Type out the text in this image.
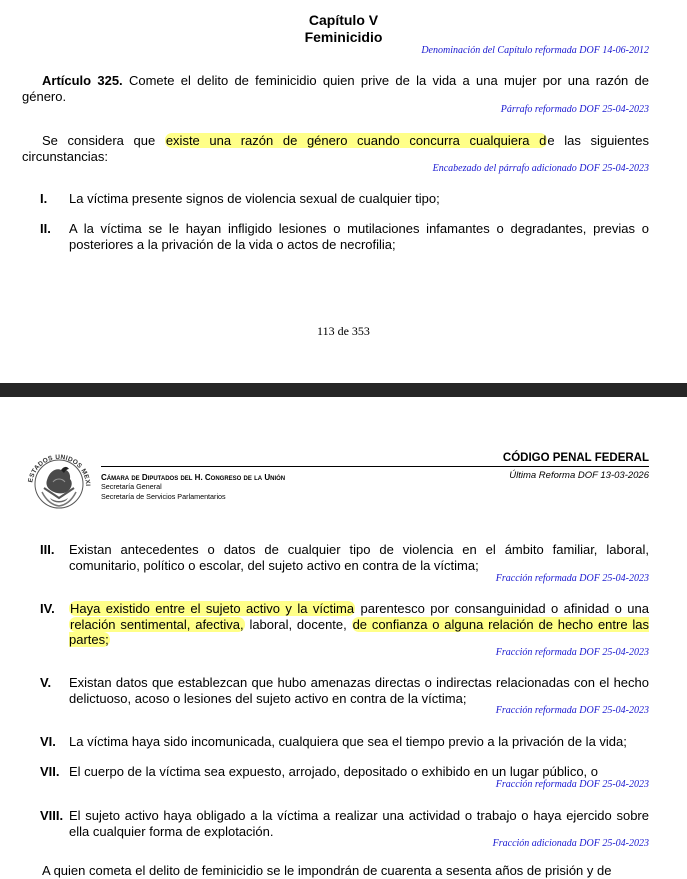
Capítulo V
Feminicidio
Denominación del Capítulo reformada DOF 14-06-2012
Artículo 325. Comete el delito de feminicidio quien prive de la vida a una mujer por una razón de género.
Párrafo reformado DOF 25-04-2023
Se considera que existe una razón de género cuando concurra cualquiera de las siguientes circunstancias:
Encabezado del párrafo adicionado DOF 25-04-2023
I. La víctima presente signos de violencia sexual de cualquier tipo;
II. A la víctima se le hayan infligido lesiones o mutilaciones infamantes o degradantes, previas o posteriores a la privación de la vida o actos de necrofilia;
113 de 353
ESTADOS UNIDOS MEXI
Cámara de Diputados del H. Congreso de la Unión
Secretaría General
Secretaría de Servicios Parlamentarios
CÓDIGO PENAL FEDERAL
Última Reforma DOF 13-03-2026
III. Existan antecedentes o datos de cualquier tipo de violencia en el ámbito familiar, laboral, comunitario, político o escolar, del sujeto activo en contra de la víctima;
Fracción reformada DOF 25-04-2023
IV. Haya existido entre el sujeto activo y la víctima parentesco por consanguinidad o afinidad o una relación sentimental, afectiva, laboral, docente, de confianza o alguna relación de hecho entre las partes;
Fracción reformada DOF 25-04-2023
V. Existan datos que establezcan que hubo amenazas directas o indirectas relacionadas con el hecho delictuoso, acoso o lesiones del sujeto activo en contra de la víctima;
Fracción reformada DOF 25-04-2023
VI. La víctima haya sido incomunicada, cualquiera que sea el tiempo previo a la privación de la vida;
VII. El cuerpo de la víctima sea expuesto, arrojado, depositado o exhibido en un lugar público, o
Fracción reformada DOF 25-04-2023
VIII. El sujeto activo haya obligado a la víctima a realizar una actividad o trabajo o haya ejercido sobre ella cualquier forma de explotación.
Fracción adicionada DOF 25-04-2023
A quien cometa el delito de feminicidio se le impondrán de cuarenta a sesenta años de prisión y de
